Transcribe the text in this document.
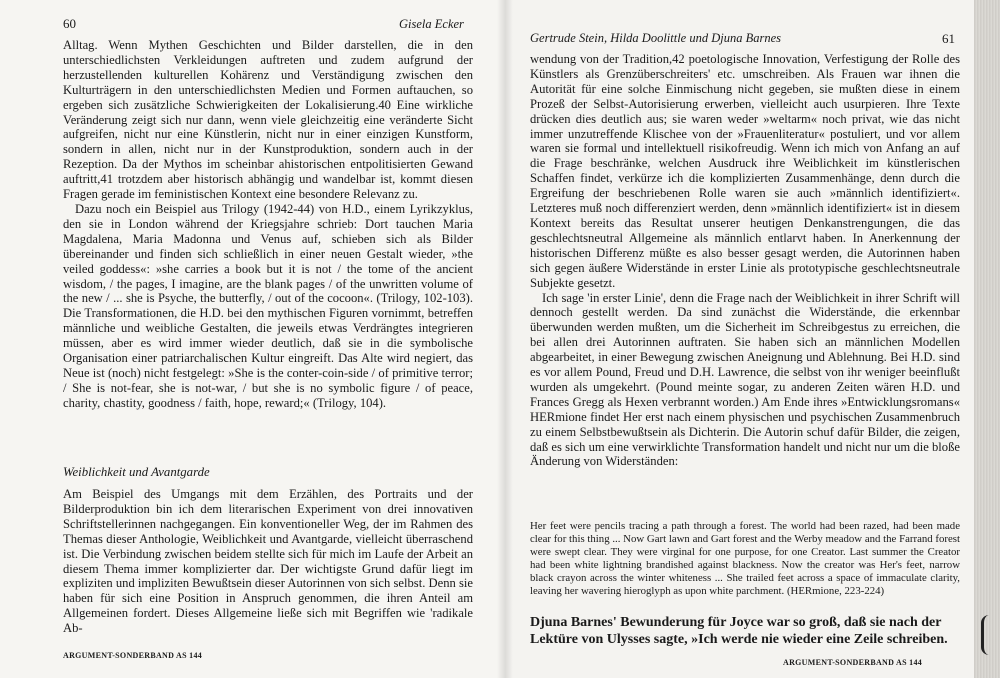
60	Gisela Ecker

Alltag. Wenn Mythen Geschichten und Bilder darstellen, die in den unterschiedlichsten Verkleidungen auftreten und zudem aufgrund der herzustellenden kulturellen Kohärenz und Verständigung zwischen den Kulturträgern in den unterschiedlichsten Medien und Formen auftauchen, so ergeben sich zusätzliche Schwierigkeiten der Lokalisierung.40 Eine wirkliche Veränderung zeigt sich nur dann, wenn viele gleichzeitig eine veränderte Sicht aufgreifen, nicht nur eine Künstlerin, nicht nur in einer einzigen Kunstform, sondern in allen, nicht nur in der Kunstproduktion, sondern auch in der Rezeption. Da der Mythos im scheinbar ahistorischen entpolitisierten Gewand auftritt,41 trotzdem aber historisch abhängig und wandelbar ist, kommt diesen Fragen gerade im feministischen Kontext eine besondere Relevanz zu.

Dazu noch ein Beispiel aus Trilogy (1942-44) von H.D., einem Lyrikzyklus, den sie in London während der Kriegsjahre schrieb: Dort tauchen Maria Magdalena, Maria Madonna und Venus auf, schieben sich als Bilder übereinander und finden sich schließlich in einer neuen Gestalt wieder, »the veiled goddess«: »she carries a book but it is not / the tome of the ancient wisdom, / the pages, I imagine, are the blank pages / of the unwritten volume of the new / ... she is Psyche, the butterfly, / out of the cocoon«. (Trilogy, 102-103). Die Transformationen, die H.D. bei den mythischen Figuren vornimmt, betreffen männliche und weibliche Gestalten, die jeweils etwas Verdrängtes integrieren müssen, aber es wird immer wieder deutlich, daß sie in die symbolische Organisation einer patriarchalischen Kultur eingreift. Das Alte wird negiert, das Neue ist (noch) nicht festgelegt: »She is the conter-coin-side / of primitive terror; / She is not-fear, she is not-war, / but she is no symbolic figure / of peace, charity, chastity, goodness / faith, hope, reward;« (Trilogy, 104).

Weiblichkeit und Avantgarde

Am Beispiel des Umgangs mit dem Erzählen, des Portraits und der Bilderproduktion bin ich dem literarischen Experiment von drei innovativen Schriftstellerinnen nachgegangen. Ein konventioneller Weg, der im Rahmen des Themas dieser Anthologie, Weiblichkeit und Avantgarde, vielleicht überraschend ist. Die Verbindung zwischen beidem stellte sich für mich im Laufe der Arbeit an diesem Thema immer komplizierter dar. Der wichtigste Grund dafür liegt im expliziten und impliziten Bewußtsein dieser Autorinnen von sich selbst. Denn sie haben für sich eine Position in Anspruch genommen, die ihren Anteil am Allgemeinen fordert. Dieses Allgemeine ließe sich mit Begriffen wie 'radikale Ab-

ARGUMENT-SONDERBAND AS 144
Gertrude Stein, Hilda Doolittle und Djuna Barnes	61

wendung von der Tradition,42 poetologische Innovation, Verfestigung der Rolle des Künstlers als Grenzüberschreiters' etc. umschreiben. Als Frauen war ihnen die Autorität für eine solche Einmischung nicht gegeben, sie mußten diese in einem Prozeß der Selbst-Autorisierung erwerben, vielleicht auch usurpieren. Ihre Texte drücken dies deutlich aus; sie waren weder »weltarm« noch privat, wie das nicht immer unzutreffende Klischee von der »Frauenliteratur« postuliert, und vor allem waren sie formal und intellektuell risikofreudig. Wenn ich mich von Anfang an auf die Frage beschränke, welchen Ausdruck ihre Weiblichkeit im künstlerischen Schaffen findet, verkürze ich die komplizierten Zusammenhänge, denn durch die Ergreifung der beschriebenen Rolle waren sie auch »männlich identifiziert«. Letzteres muß noch differenziert werden, denn »männlich identifiziert« ist in diesem Kontext bereits das Resultat unserer heutigen Denkanstrengungen, die das geschlechtsneutral Allgemeine als männlich entlarvt haben. In Anerkennung der historischen Differenz müßte es also besser gesagt werden, die Autorinnen haben sich gegen äußere Widerstände in erster Linie als prototypische geschlechtsneutrale Subjekte gesetzt.

Ich sage 'in erster Linie', denn die Frage nach der Weiblichkeit in ihrer Schrift will dennoch gestellt werden. Da sind zunächst die Widerstände, die erkennbar überwunden werden mußten, um die Sicherheit im Schreibgestus zu erreichen, die bei allen drei Autorinnen auftraten. Sie haben sich an männlichen Modellen abgearbeitet, in einer Bewegung zwischen Aneignung und Ablehnung. Bei H.D. sind es vor allem Pound, Freud und D.H. Lawrence, die selbst von ihr weniger beeinflußt wurden als umgekehrt. (Pound meinte sogar, zu anderen Zeiten wären H.D. und Frances Gregg als Hexen verbrannt worden.) Am Ende ihres »Entwicklungsromans« HERmione findet Her erst nach einem physischen und psychischen Zusammenbruch zu einem Selbstbewußtsein als Dichterin. Die Autorin schuf dafür Bilder, die zeigen, daß es sich um eine verwirklichte Transformation handelt und nicht nur um die bloße Änderung von Widerständen:

Her feet were pencils tracing a path through a forest. The world had been razed, had been made clear for this thing ... Now Gart lawn and Gart forest and the Werby meadow and the Farrand forest were swept clear. They were virginal for one purpose, for one Creator. Last summer the Creator had been white lightning brandished against blackness. Now the creator was Her's feet, narrow black crayon across the winter whiteness ... She trailed feet across a space of immaculate clarity, leaving her wavering hieroglyph as upon white parchment. (HERmione, 223-224)
Djuna Barnes' Bewunderung für Joyce war so groß, daß sie nach der Lektüre von Ulysses sagte, »Ich werde nie wieder eine Zeile schreiben.
ARGUMENT-SONDERBAND AS 144
